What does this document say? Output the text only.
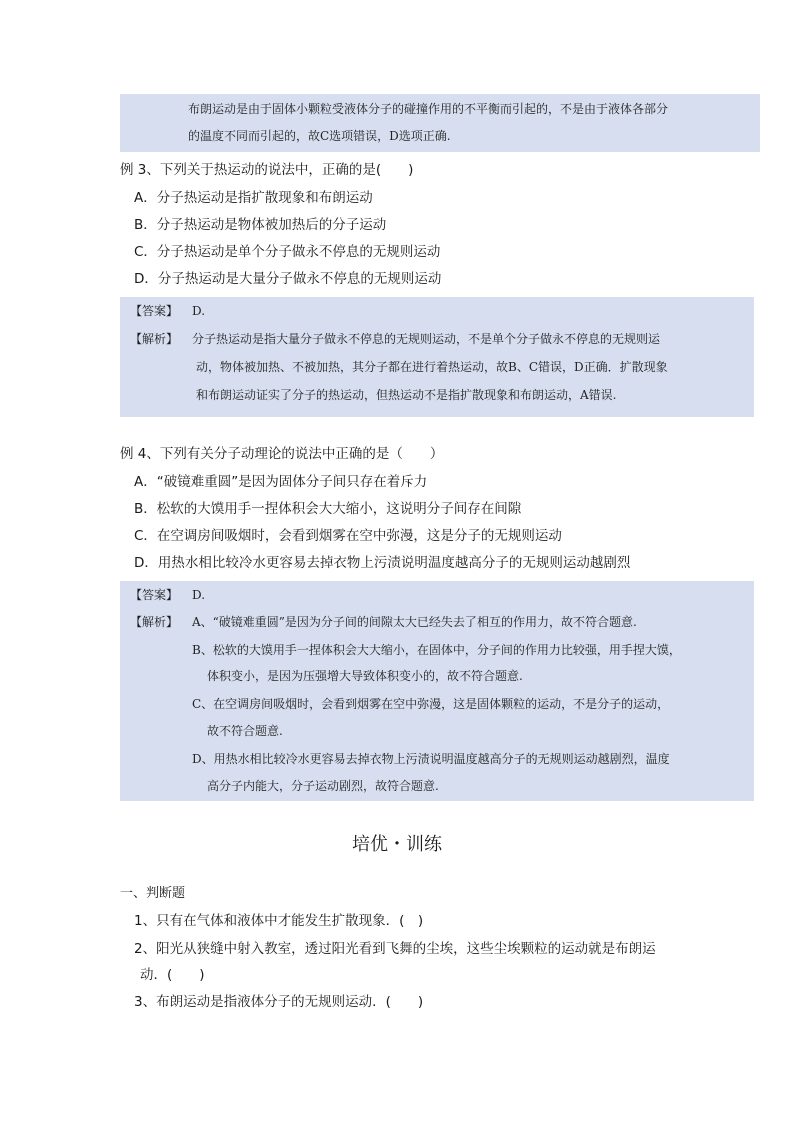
布朗运动是由于固体小颗粒受液体分子的碰撞作用的不平衡而引起的，不是由于液体各部分
的温度不同而引起的，故C选项错误，D选项正确.
例 3、下列关于热运动的说法中，正确的是(　　)
A．分子热运动是指扩散现象和布朗运动
B．分子热运动是物体被加热后的分子运动
C．分子热运动是单个分子做永不停息的无规则运动
D．分子热运动是大量分子做永不停息的无规则运动
【答案】 D.
【解析】 分子热运动是指大量分子做永不停息的无规则运动，不是单个分子做永不停息的无规则运
动，物体被加热、不被加热，其分子都在进行着热运动，故B、C错误，D正确．扩散现象
和布朗运动证实了分子的热运动，但热运动不是指扩散现象和布朗运动，A错误.
例 4、下列有关分子动理论的说法中正确的是（　　）
A．“破镜难重圆”是因为固体分子间只存在着斥力
B．松软的大馍用手一捏体积会大大缩小，这说明分子间存在间隙
C．在空调房间吸烟时，会看到烟雾在空中弥漫，这是分子的无规则运动
D．用热水相比较冷水更容易去掉衣物上污渍说明温度越高分子的无规则运动越剧烈
【答案】 D.
【解析】 A、“破镜难重圆”是因为分子间的间隙太大已经失去了相互的作用力，故不符合题意.
B、松软的大馍用手一捏体积会大大缩小，在固体中，分子间的作用力比较强，用手捏大馍，
体积变小，是因为压强增大导致体积变小的，故不符合题意.
C、在空调房间吸烟时，会看到烟雾在空中弥漫，这是固体颗粒的运动，不是分子的运动，
故不符合题意.
D、用热水相比较冷水更容易去掉衣物上污渍说明温度越高分子的无规则运动越剧烈，温度
高分子内能大，分子运动剧烈，故符合题意.
培优・训练
一、判断题
1、只有在气体和液体中才能发生扩散现象．(　)
2、阳光从狭缝中射入教室，透过阳光看到飞舞的尘埃，这些尘埃颗粒的运动就是布朗运
动．(　　)
3、布朗运动是指液体分子的无规则运动．(　　)
